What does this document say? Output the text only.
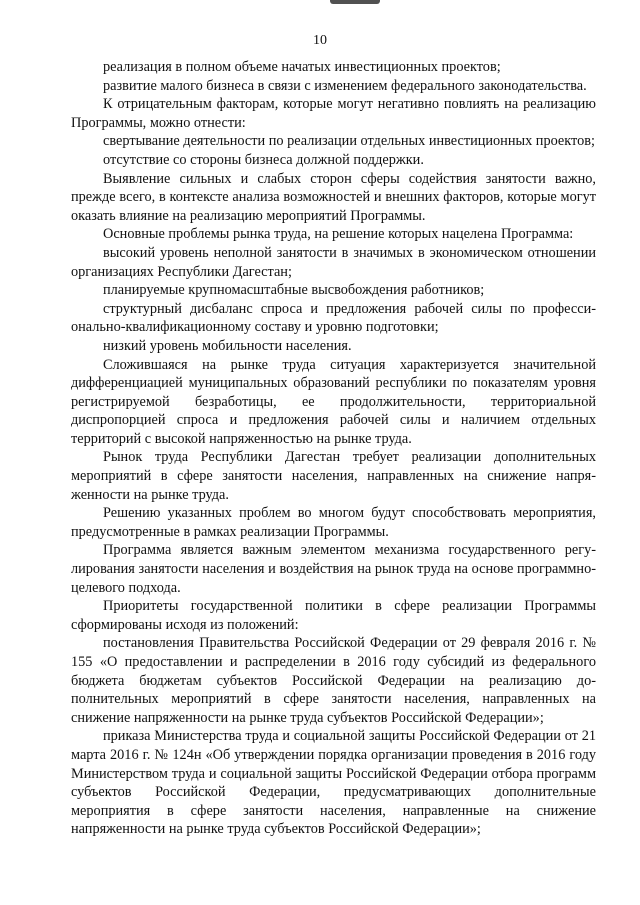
10

реализация в полном объеме начатых инвестиционных проектов;

развитие малого бизнеса в связи с изменением федерального законодательства.

К отрицательным факторам, которые могут негативно повлиять на реализацию Программы, можно отнести:

свертывание деятельности по реализации отдельных инвестиционных проектов;

отсутствие со стороны бизнеса должной поддержки.

Выявление сильных и слабых сторон сферы содействия занятости важно, прежде всего, в контексте анализа возможностей и внешних факторов, которые могут оказать влияние на реализацию мероприятий Программы.

Основные проблемы рынка труда, на решение которых нацелена Программа:

высокий уровень неполной занятости в значимых в экономическом отношении организациях Республики Дагестан;

планируемые крупномасштабные высвобождения работников;

структурный дисбаланс спроса и предложения рабочей силы по профессионально-квалификационному составу и уровню подготовки;

низкий уровень мобильности населения.

Сложившаяся на рынке труда ситуация характеризуется значительной дифференциацией муниципальных образований республики по показателям уровня регистрируемой безработицы, ее продолжительности, территориальной диспропорцией спроса и предложения рабочей силы и наличием отдельных территорий с высокой напряженностью на рынке труда.

Рынок труда Республики Дагестан требует реализации дополнительных мероприятий в сфере занятости населения, направленных на снижение напряженности на рынке труда.

Решению указанных проблем во многом будут способствовать мероприятия, предусмотренные в рамках реализации Программы.

Программа является важным элементом механизма государственного регулирования занятости населения и воздействия на рынок труда на основе программно-целевого подхода.

Приоритеты государственной политики в сфере реализации Программы сформированы исходя из положений:

постановления Правительства Российской Федерации от 29 февраля 2016 г. № 155 «О предоставлении и распределении в 2016 году субсидий из федерального бюджета бюджетам субъектов Российской Федерации на реализацию дополнительных мероприятий в сфере занятости населения, направленных на снижение напряженности на рынке труда субъектов Российской Федерации»;

приказа Министерства труда и социальной защиты Российской Федерации от 21 марта 2016 г. № 124н «Об утверждении порядка организации проведения в 2016 году Министерством труда и социальной защиты Российской Федерации отбора программ субъектов Российской Федерации, предусматривающих дополнительные мероприятия в сфере занятости населения, направленные на снижение напряженности на рынке труда субъектов Российской Федерации»;
